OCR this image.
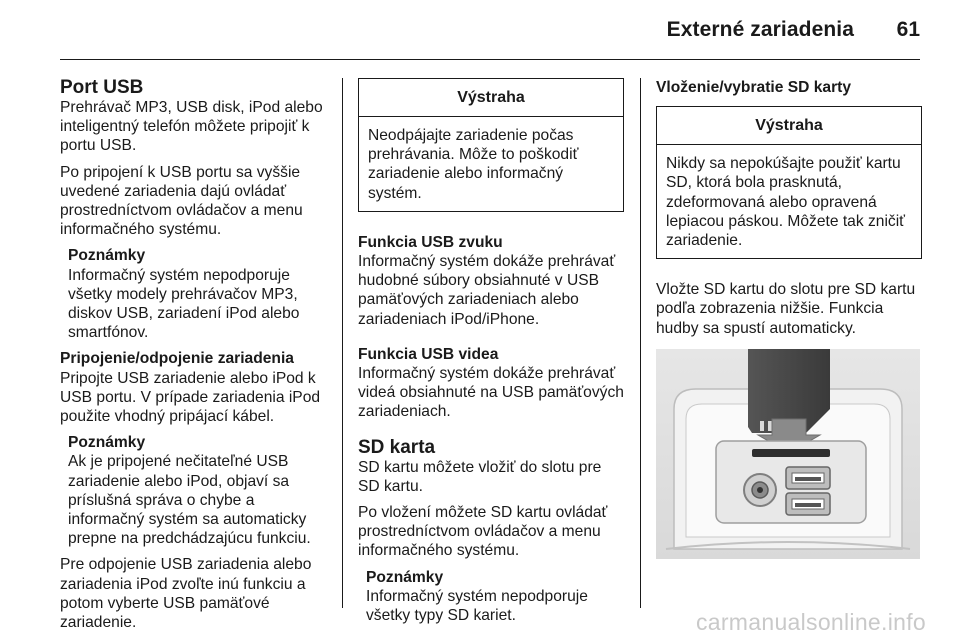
Externé zariadenia 61
Port USB

Prehrávač MP3, USB disk, iPod alebo inteligentný telefón môžete pripojiť k portu USB.

Po pripojení k USB portu sa vyššie uvedené zariadenia dajú ovládať prostredníctvom ovládačov a menu informačného systému.

Poznámky
Informačný systém nepodporuje všetky modely prehrávačov MP3, diskov USB, zariadení iPod alebo smartfónov.
Pripojenie/odpojenie zariadenia

Pripojte USB zariadenie alebo iPod k USB portu. V prípade zariadenia iPod použite vhodný pripájací kábel.

Poznámky
Ak je pripojené nečitateľné USB zariadenie alebo iPod, objaví sa príslušná správa o chybe a informačný systém sa automaticky prepne na predchádzajúcu funkciu.

Pre odpojenie USB zariadenia alebo zariadenia iPod zvoľte inú funkciu a potom vyberte USB pamäťové zariadenie.

Výstraha
Neodpájajte zariadenie počas prehrávania. Môže to poškodiť zariadenie alebo informačný systém.
Funkcia USB zvuku

Informačný systém dokáže prehrávať hudobné súbory obsiahnuté v USB pamäťových zariadeniach alebo zariadeniach iPod/iPhone.

Funkcia USB videa

Informačný systém dokáže prehrávať videá obsiahnuté na USB pamäťových zariadeniach.

SD karta

SD kartu môžete vložiť do slotu pre SD kartu.

Po vložení môžete SD kartu ovládať prostredníctvom ovládačov a menu informačného systému.

Poznámky
Informačný systém nepodporuje všetky typy SD kariet.
Vloženie/vybratie SD karty
Výstraha
Nikdy sa nepokúšajte použiť kartu SD, ktorá bola prasknutá, zdeformovaná alebo opravená lepiacou páskou. Môžete tak zničiť zariadenie.

Vložte SD kartu do slotu pre SD kartu podľa zobrazenia nižšie. Funkcia hudby sa spustí automaticky.

carmanualsonline.info
